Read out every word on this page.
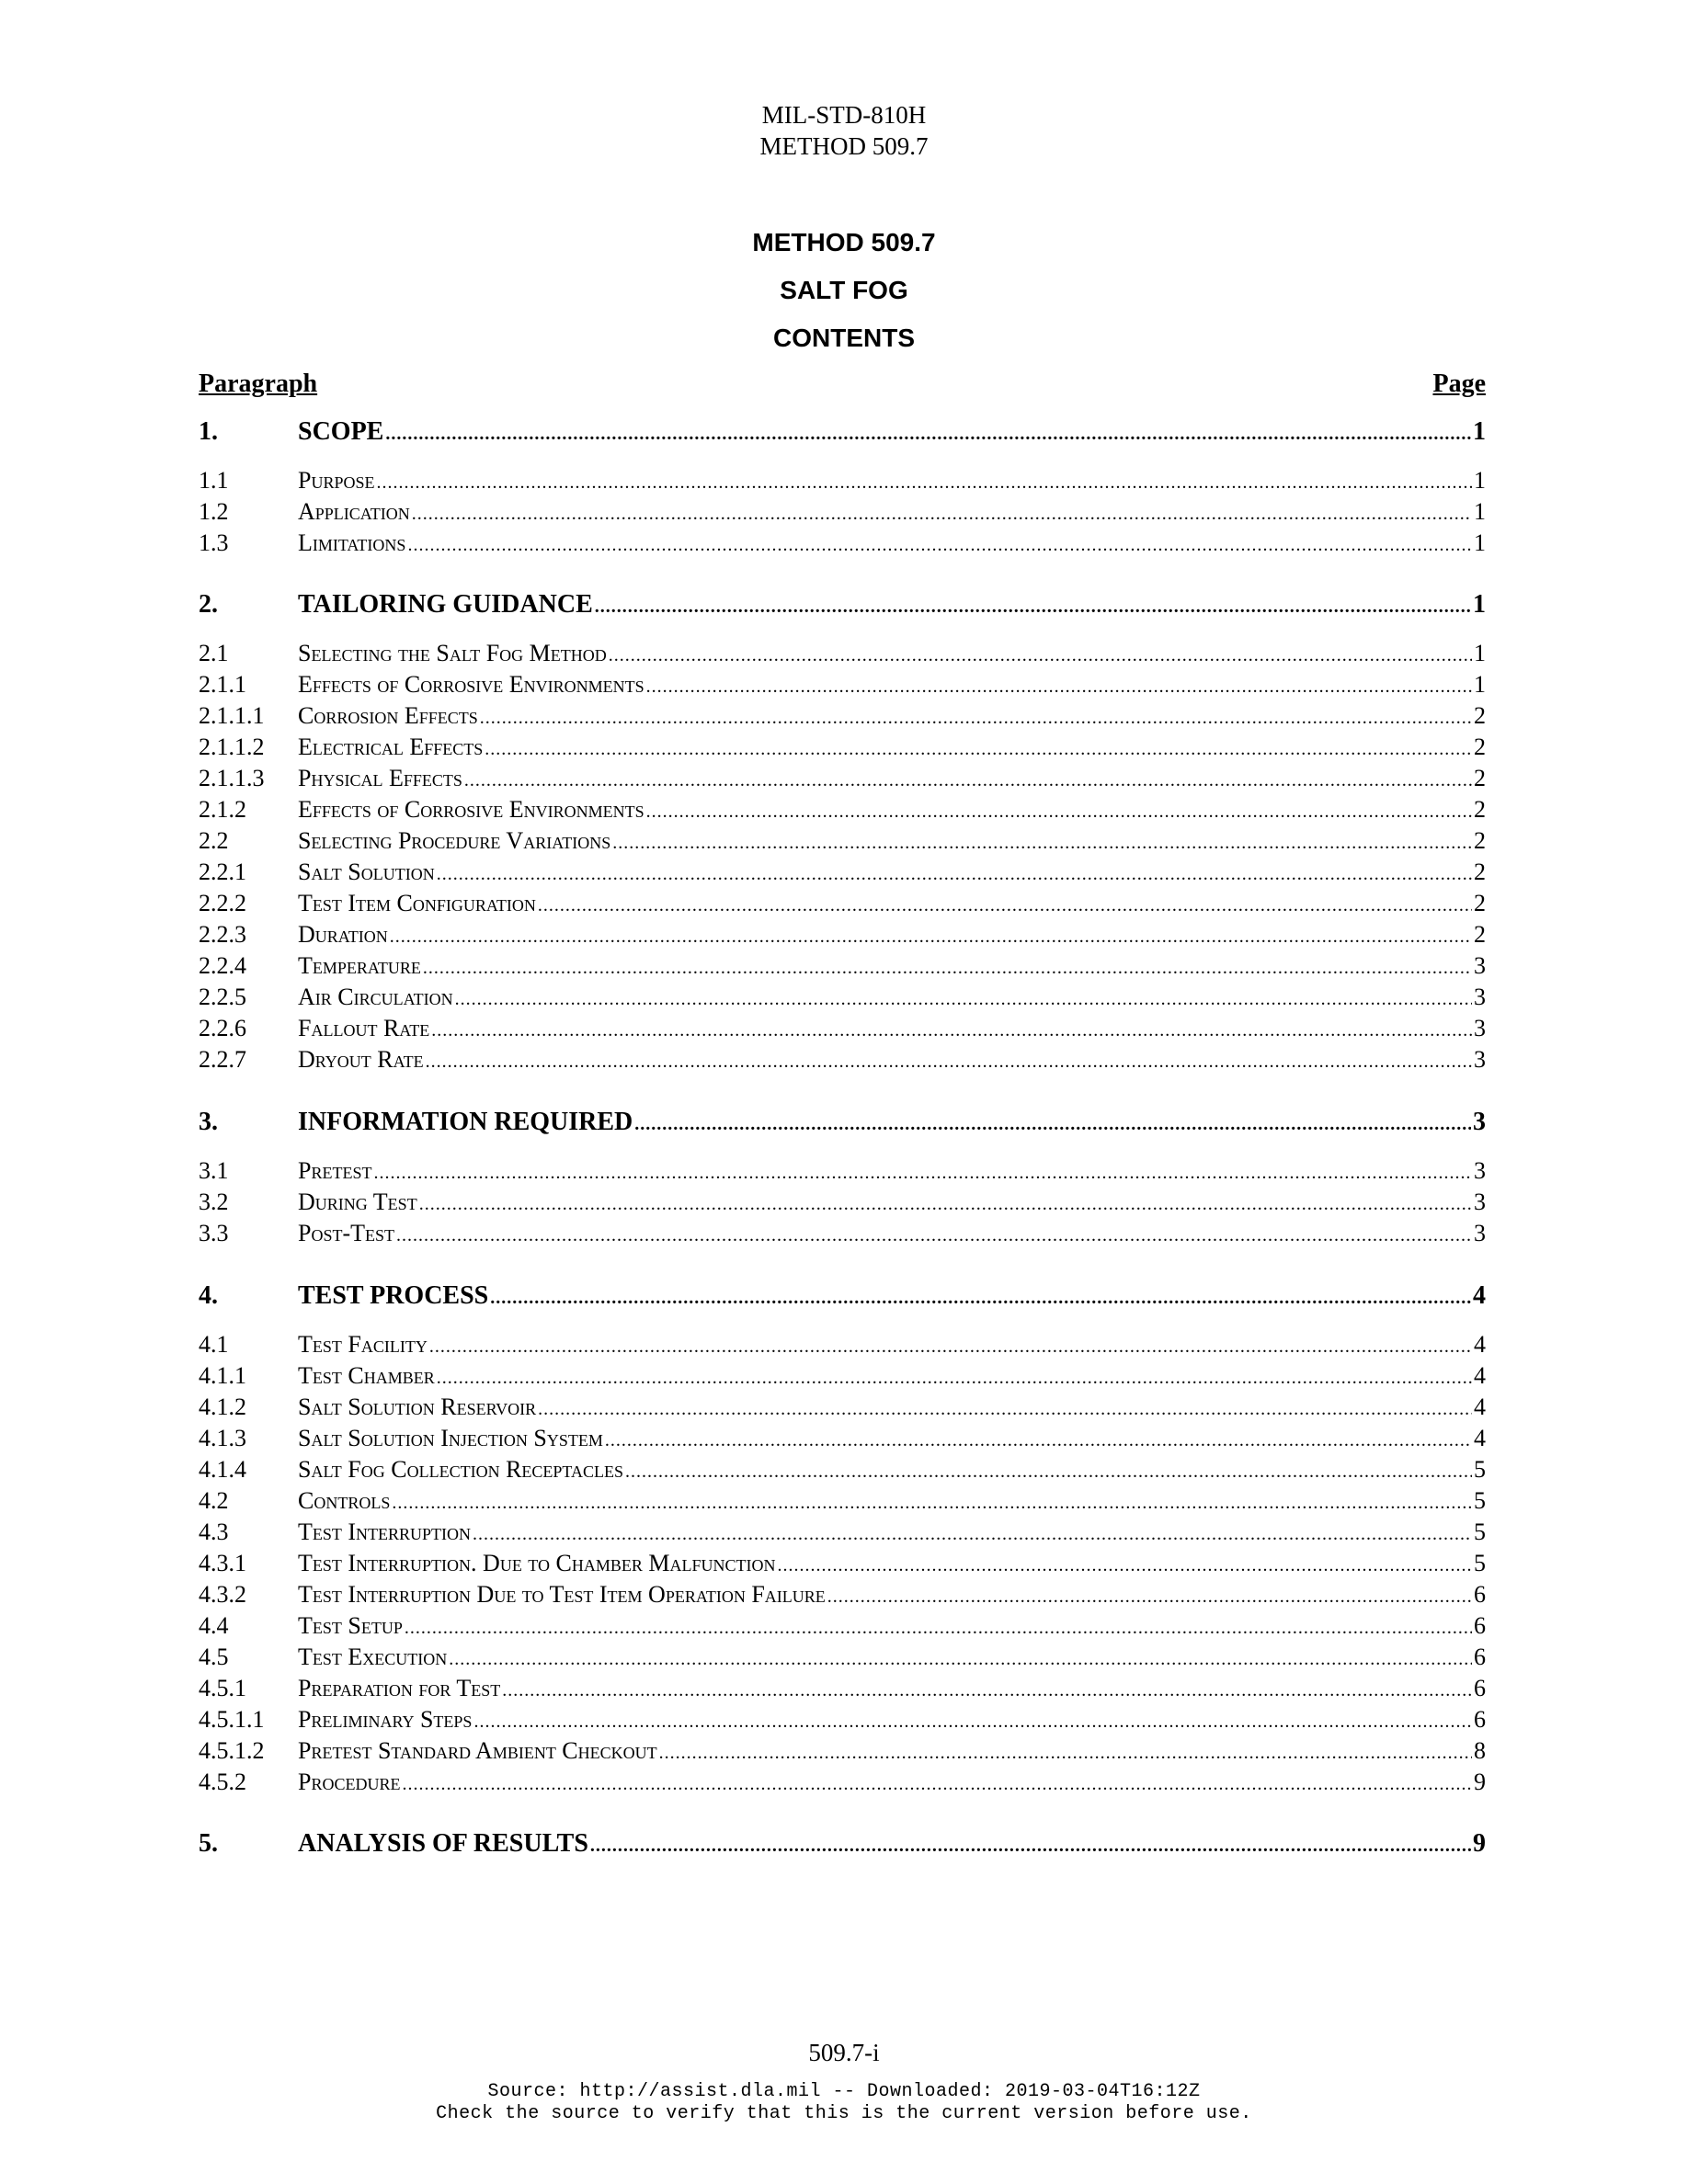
MIL-STD-810H
METHOD 509.7
METHOD 509.7
SALT FOG
CONTENTS
Paragraph	Page
1.	SCOPE .....	1
1.1	Purpose .....	1
1.2	Application .....	1
1.3	Limitations .....	1
2.	TAILORING GUIDANCE .....	1
2.1	Selecting the Salt Fog Method .....	1
2.1.1	Effects of Corrosive Environments .....	1
2.1.1.1	Corrosion Effects .....	2
2.1.1.2	Electrical Effects .....	2
2.1.1.3	Physical Effects .....	2
2.1.2	Effects of Corrosive Environments .....	2
2.2	Selecting Procedure Variations .....	2
2.2.1	Salt Solution .....	2
2.2.2	Test Item Configuration .....	2
2.2.3	Duration .....	2
2.2.4	Temperature .....	3
2.2.5	Air Circulation .....	3
2.2.6	Fallout Rate .....	3
2.2.7	Dryout Rate .....	3
3.	INFORMATION REQUIRED .....	3
3.1	Pretest .....	3
3.2	During Test .....	3
3.3	Post-Test .....	3
4.	TEST PROCESS .....	4
4.1	Test Facility .....	4
4.1.1	Test Chamber .....	4
4.1.2	Salt Solution Reservoir .....	4
4.1.3	Salt Solution Injection System .....	4
4.1.4	Salt Fog Collection Receptacles .....	5
4.2	Controls .....	5
4.3	Test Interruption .....	5
4.3.1	Test Interruption. Due to Chamber Malfunction .....	5
4.3.2	Test Interruption Due to Test Item Operation Failure .....	6
4.4	Test Setup .....	6
4.5	Test Execution .....	6
4.5.1	Preparation for Test .....	6
4.5.1.1	Preliminary Steps .....	6
4.5.1.2	Pretest Standard Ambient Checkout .....	8
4.5.2	Procedure .....	9
5.	ANALYSIS OF RESULTS .....	9
509.7-i
Source: http://assist.dla.mil -- Downloaded: 2019-03-04T16:12Z
Check the source to verify that this is the current version before use.
